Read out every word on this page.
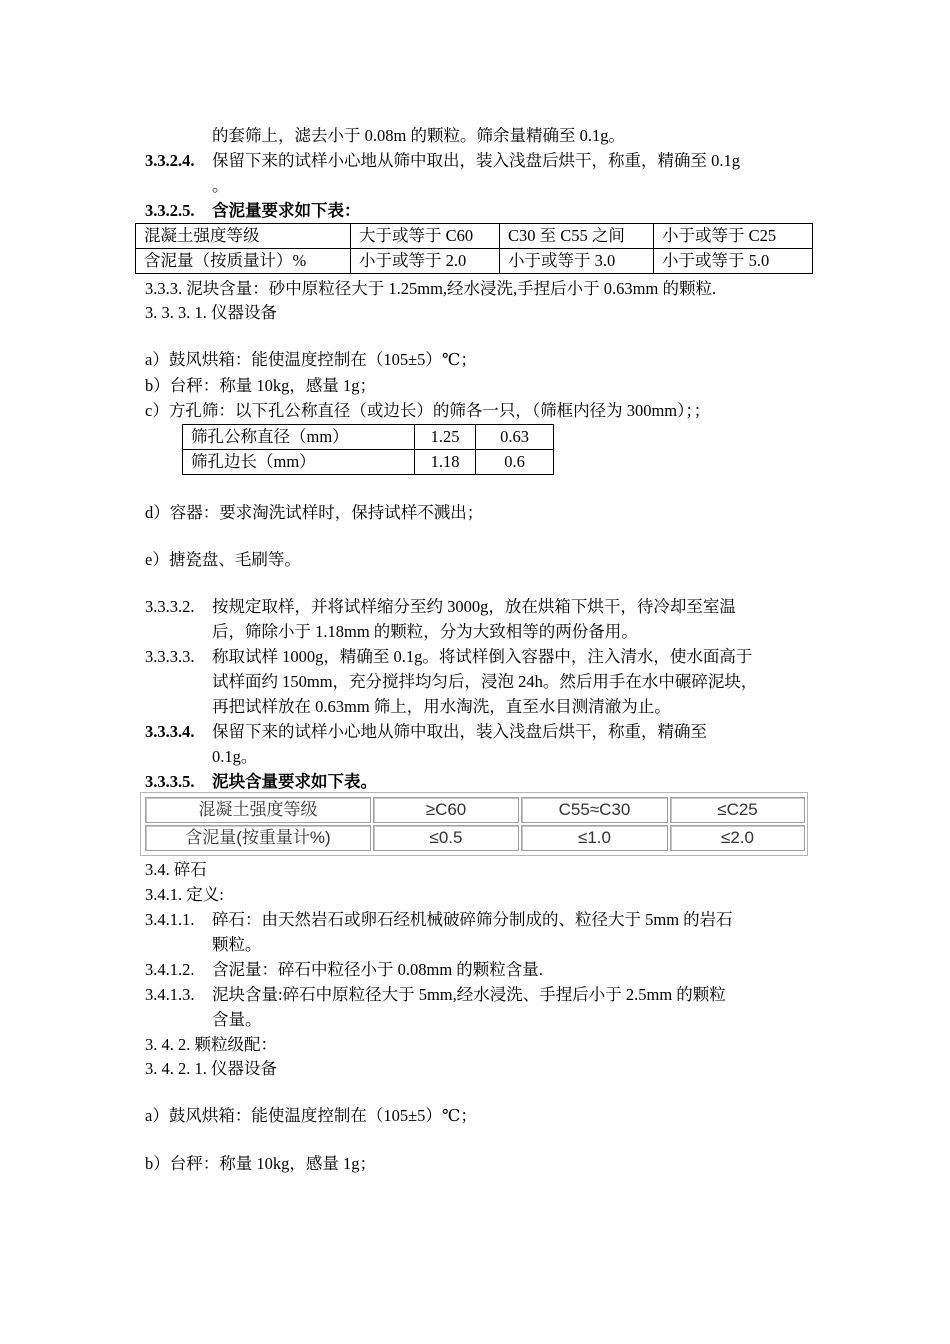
的套筛上，滤去小于 0.08m 的颗粒。筛余量精确至 0.1g。
3.3.2.4. 保留下来的试样小心地从筛中取出，装入浅盘后烘干，称重，精确至 0.1g
。
3.3.2.5. 含泥量要求如下表：
混凝土强度等级	大于或等于 C60	C30 至 C55 之间	小于或等于 C25
含泥量（按质量计）%	小于或等于 2.0	小于或等于 3.0	小于或等于 5.0
3.3.3. 泥块含量：砂中原粒径大于 1.25mm,经水浸洗,手捏后小于 0.63mm 的颗粒.
3. 3. 3. 1. 仪器设备
a）鼓风烘箱：能使温度控制在（105±5）℃；
b）台秤：称量 10kg，感量 1g；
c）方孔筛：以下孔公称直径（或边长）的筛各一只，（筛框内径为 300mm）；；
筛孔公称直径（mm）	1.25	0.63
筛孔边长（mm）	1.18	0.6
d）容器：要求淘洗试样时，保持试样不溅出；
e）搪瓷盘、毛刷等。
3.3.3.2. 按规定取样，并将试样缩分至约 3000g，放在烘箱下烘干，待冷却至室温
后，筛除小于 1.18mm 的颗粒，分为大致相等的两份备用。
3.3.3.3. 称取试样 1000g，精确至 0.1g。将试样倒入容器中，注入清水，使水面高于
试样面约 150mm，充分搅拌均匀后，浸泡 24h。然后用手在水中碾碎泥块，
再把试样放在 0.63mm 筛上，用水淘洗，直至水目测清澈为止。
3.3.3.4. 保留下来的试样小心地从筛中取出，装入浅盘后烘干，称重，精确至
0.1g。
3.3.3.5. 泥块含量要求如下表。
混凝土强度等级	≥C60	C55≈C30	≤C25
含泥量(按重量计%)	≤0.5	≤1.0	≤2.0
3.4. 碎石
3.4.1. 定义:
3.4.1.1. 碎石：由天然岩石或卵石经机械破碎筛分制成的、粒径大于 5mm 的岩石
颗粒。
3.4.1.2. 含泥量：碎石中粒径小于 0.08mm 的颗粒含量.
3.4.1.3. 泥块含量:碎石中原粒径大于 5mm,经水浸洗、手捏后小于 2.5mm 的颗粒
含量。
3. 4. 2. 颗粒级配：
3. 4. 2. 1. 仪器设备
a）鼓风烘箱：能使温度控制在（105±5）℃；
b）台秤：称量 10kg，感量 1g；
